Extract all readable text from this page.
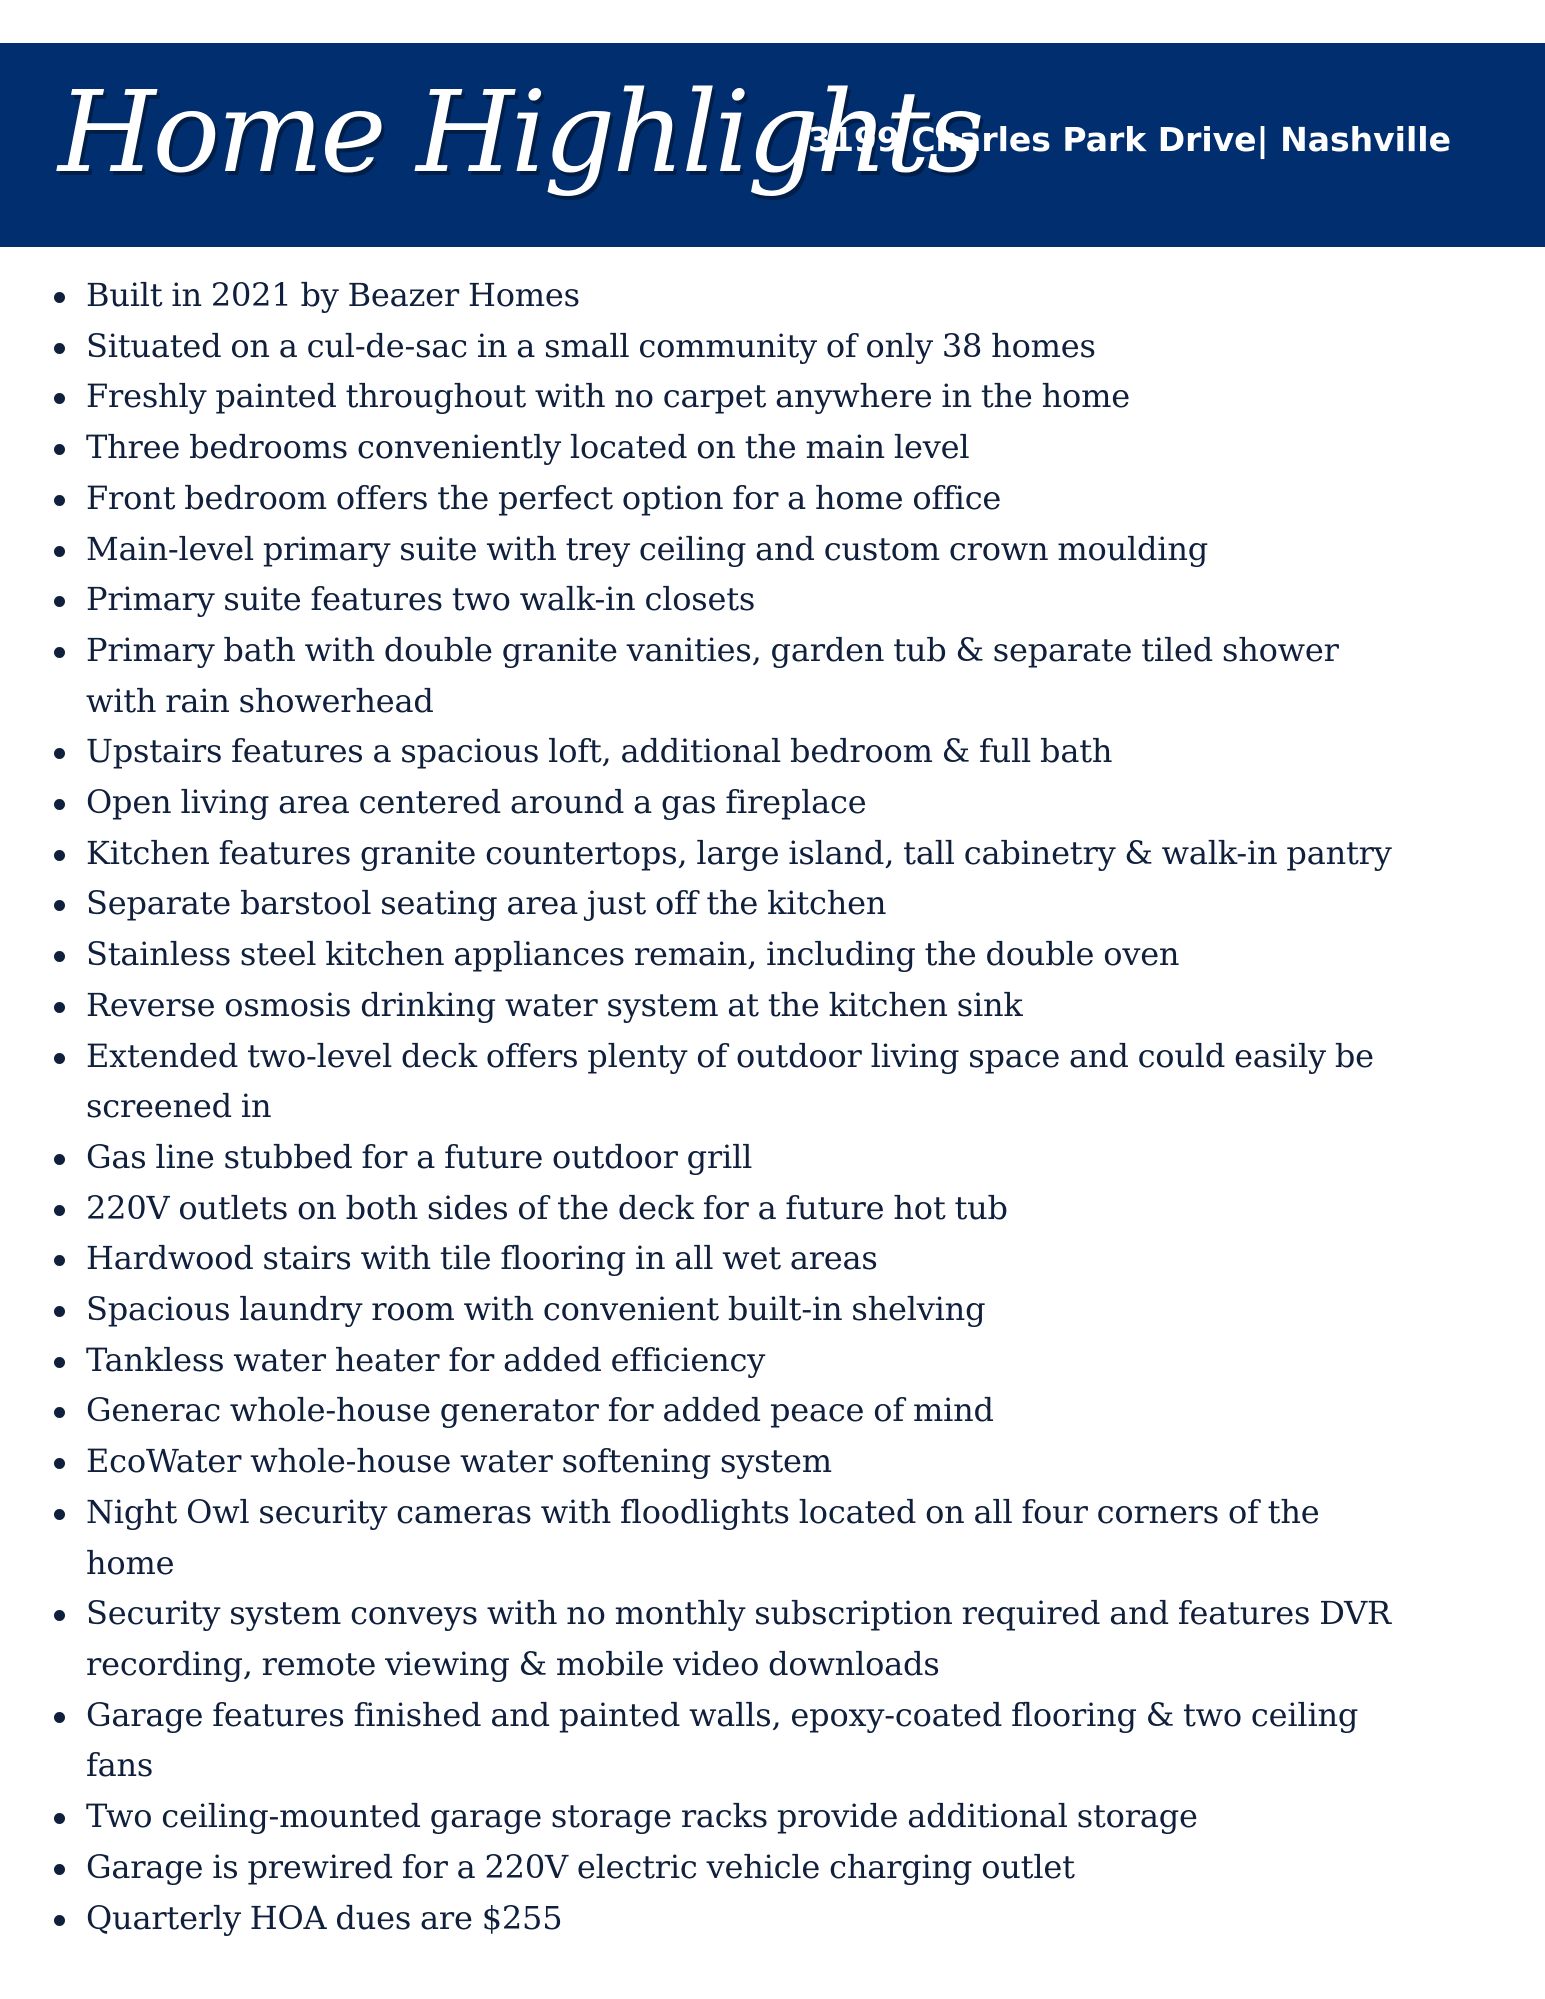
Home Highlights
3199 Charles Park Drive| Nashville
Built in 2021 by Beazer Homes
Situated on a cul-de-sac in a small community of only 38 homes
Freshly painted throughout with no carpet anywhere in the home
Three bedrooms conveniently located on the main level
Front bedroom offers the perfect option for a home office
Main-level primary suite with trey ceiling and custom crown moulding
Primary suite features two walk-in closets
Primary bath with double granite vanities, garden tub & separate tiled shower with rain showerhead
Upstairs features a spacious loft, additional bedroom & full bath
Open living area centered around a gas fireplace
Kitchen features granite countertops, large island, tall cabinetry & walk-in pantry
Separate barstool seating area just off the kitchen
Stainless steel kitchen appliances remain, including the double oven
Reverse osmosis drinking water system at the kitchen sink
Extended two-level deck offers plenty of outdoor living space and could easily be screened in
Gas line stubbed for a future outdoor grill
220V outlets on both sides of the deck for a future hot tub
Hardwood stairs with tile flooring in all wet areas
Spacious laundry room with convenient built-in shelving
Tankless water heater for added efficiency
Generac whole-house generator for added peace of mind
EcoWater whole-house water softening system
Night Owl security cameras with floodlights located on all four corners of the home
Security system conveys with no monthly subscription required and features DVR recording, remote viewing & mobile video downloads
Garage features finished and painted walls, epoxy-coated flooring & two ceiling fans
Two ceiling-mounted garage storage racks provide additional storage
Garage is prewired for a 220V electric vehicle charging outlet
Quarterly HOA dues are $255
